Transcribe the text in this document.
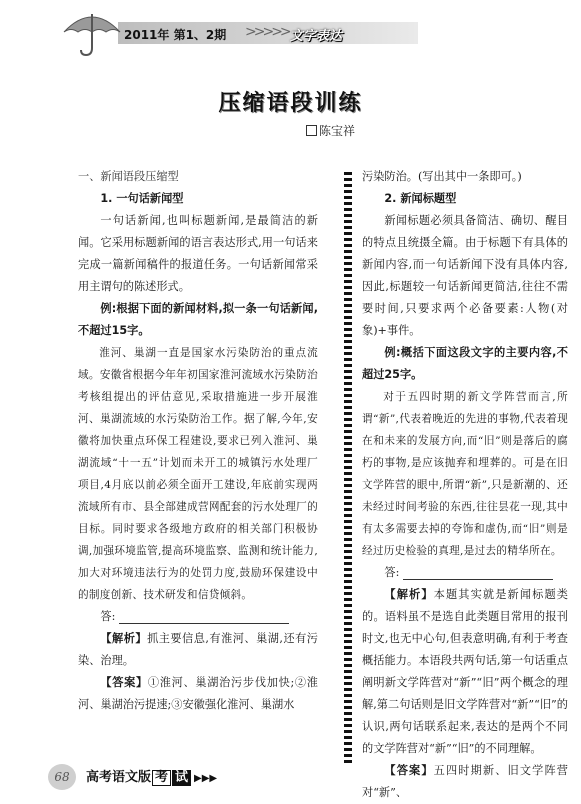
2011年 第1、2期 >>>>> 文字表达
压缩语段训练
陈宝祥

一、新闻语段压缩型

1. 一句话新闻型

一句话新闻,也叫标题新闻,是最简洁的新闻。它采用标题新闻的语言表达形式,用一句话来完成一篇新闻稿件的报道任务。一句话新闻常采用主谓句的陈述形式。

例:根据下面的新闻材料,拟一条一句话新闻,不超过15字。

淮河、巢湖一直是国家水污染防治的重点流域。安徽省根据今年年初国家淮河流域水污染防治考核组提出的评估意见,采取措施进一步开展淮河、巢湖流域的水污染防治工作。据了解,今年,安徽将加快重点环保工程建设,要求已列入淮河、巢湖流域“十一五”计划而未开工的城镇污水处理厂项目,4月底以前必须全面开工建设,年底前实现两流域所有市、县全部建成营网配套的污水处理厂的目标。同时要求各级地方政府的相关部门积极协调,加强环境监管,提高环境监察、监测和统计能力,加大对环境违法行为的处罚力度,鼓励环保建设中的制度创新、技术研发和信贷倾斜。

答:

【解析】抓主要信息,有淮河、巢湖,还有污染、治理。

【答案】①淮河、巢湖治污步伐加快;②淮河、巢湖治污提速;③安徽强化淮河、巢湖水

污染防治。(写出其中一条即可。)

2. 新闻标题型

新闻标题必须具备简洁、确切、醒目的特点且统摄全篇。由于标题下有具体的新闻内容,而一句话新闻下没有具体内容,因此,标题较一句话新闻更简洁,往往不需要时间,只要求两个必备要素:人物(对象)+事件。

例:概括下面这段文字的主要内容,不超过25字。

对于五四时期的新文学阵营而言,所谓“新”,代表着晚近的先进的事物,代表着现在和未来的发展方向,而“旧”则是落后的腐朽的事物,是应该抛弃和埋葬的。可是在旧文学阵营的眼中,所谓“新”,只是新潮的、还未经过时间考验的东西,往往昙花一现,其中有太多需要去掉的夸饰和虚伪,而“旧”则是经过历史检验的真理,是过去的精华所在。

答:

【解析】本题其实就是新闻标题类的。语料虽不是选自此类题目常用的报刊时文,也无中心句,但表意明确,有利于考查概括能力。本语段共两句话,第一句话重点阐明新文学阵营对“新”“旧”两个概念的理解,第二句话则是旧文学阵营对“新”“旧”的认识,两句话联系起来,表达的是两个不同的文学阵营对“新”“旧”的不同理解。

【答案】五四时期新、旧文学阵营对“新”、

68	高考语文版 考 试 ▶▶▶
